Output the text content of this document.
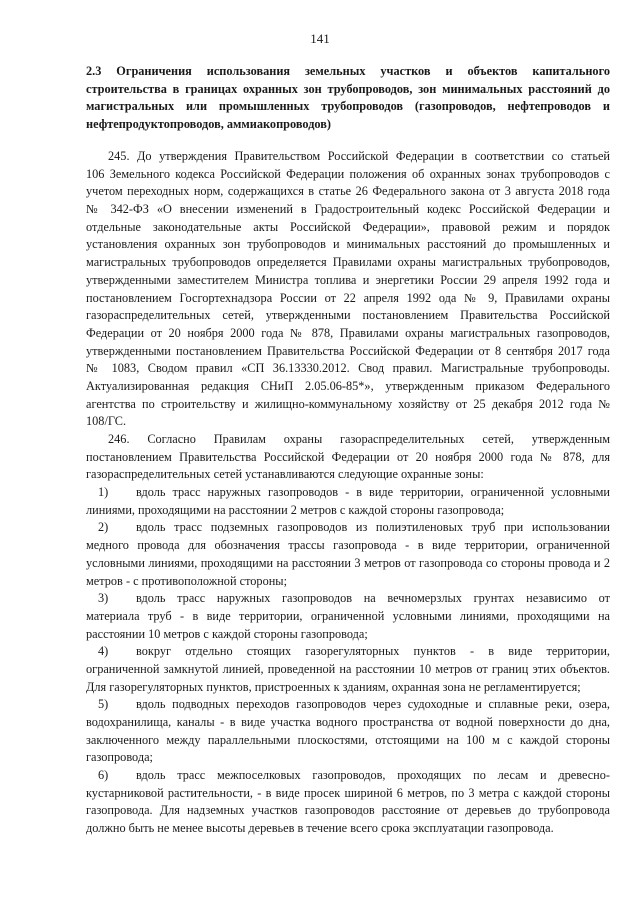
141
2.3 Ограничения использования земельных участков и объектов капитального
строительства в границах охранных зон трубопроводов, зон минимальных расстояний до
магистральных или промышленных трубопроводов (газопроводов, нефтепроводов и
нефтепродуктопроводов, аммиакопроводов)
245. До утверждения Правительством Российской Федерации в соответствии со статьей
106 Земельного кодекса Российской Федерации положения об охранных зонах трубопроводов с
учетом переходных норм, содержащихся в статье 26 Федерального закона от 3 августа 2018 года
№ 342-ФЗ «О внесении изменений в Градостроительный кодекс Российской Федерации и
отдельные законодательные акты Российской Федерации», правовой режим и порядок
установления охранных зон трубопроводов и минимальных расстояний до промышленных и
магистральных трубопроводов определяется Правилами охраны магистральных трубопроводов,
утвержденными заместителем Министра топлива и энергетики России 29 апреля 1992 года и
постановлением Госгортехнадзора России от 22 апреля 1992 ода № 9, Правилами охраны
газораспределительных сетей, утвержденными постановлением Правительства Российской
Федерации от 20 ноября 2000 года № 878, Правилами охраны магистральных газопроводов,
утвержденными постановлением Правительства Российской Федерации от 8 сентября 2017 года
№ 1083, Сводом правил «СП 36.13330.2012. Свод правил. Магистральные трубопроводы.
Актуализированная редакция СНиП 2.05.06-85*», утвержденным приказом Федерального
агентства по строительству и жилищно-коммунальному хозяйству от 25 декабря 2012 года №
108/ГС.
246. Согласно Правилам охраны газораспределительных сетей, утвержденным
постановлением Правительства Российской Федерации от 20 ноября 2000 года № 878, для
газораспределительных сетей устанавливаются следующие охранные зоны:
1)	вдоль трасс наружных газопроводов - в виде территории, ограниченной условными
линиями, проходящими на расстоянии 2 метров с каждой стороны газопровода;
2)	вдоль трасс подземных газопроводов из полиэтиленовых труб при использовании
медного провода для обозначения трассы газопровода - в виде территории, ограниченной
условными линиями, проходящими на расстоянии 3 метров от газопровода со стороны провода и 2
метров - с противоположной стороны;
3)	вдоль трасс наружных газопроводов на вечномерзлых грунтах независимо от
материала труб - в виде территории, ограниченной условными линиями, проходящими на
расстоянии 10 метров с каждой стороны газопровода;
4)	вокруг отдельно стоящих газорегуляторных пунктов - в виде территории,
ограниченной замкнутой линией, проведенной на расстоянии 10 метров от границ этих объектов.
Для газорегуляторных пунктов, пристроенных к зданиям, охранная зона не регламентируется;
5)	вдоль подводных переходов газопроводов через судоходные и сплавные реки, озера,
водохранилища, каналы - в виде участка водного пространства от водной поверхности до дна,
заключенного между параллельными плоскостями, отстоящими на 100 м с каждой стороны
газопровода;
6)	вдоль трасс межпоселковых газопроводов, проходящих по лесам и древесно-
кустарниковой растительности, - в виде просек шириной 6 метров, по 3 метра с каждой стороны
газопровода. Для надземных участков газопроводов расстояние от деревьев до трубопровода
должно быть не менее высоты деревьев в течение всего срока эксплуатации газопровода.
